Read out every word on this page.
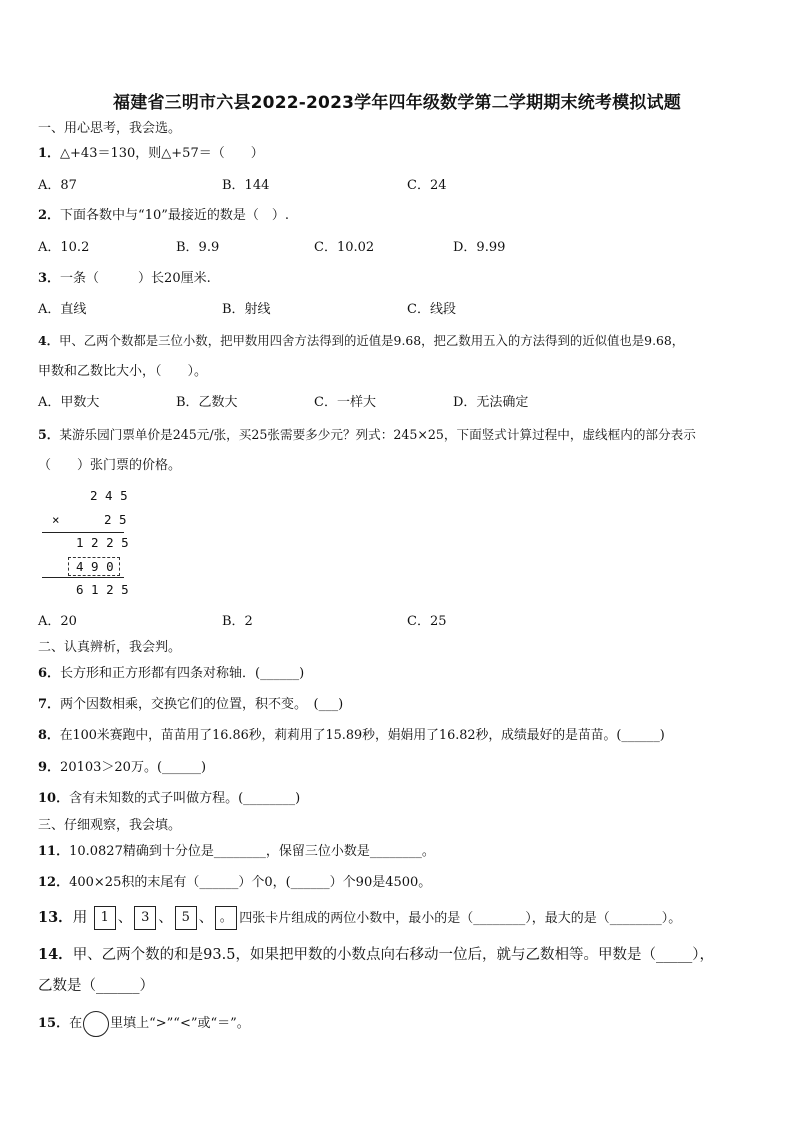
福建省三明市六县2022-2023学年四年级数学第二学期期末统考模拟试题
一、用心思考，我会选。
1．△+43＝130，则△+57＝（　　）
A．87	B．144	C．24
2．下面各数中与“10”最接近的数是（　）.
A．10.2	B．9.9	C．10.02	D．9.99
3．一条（　　　）长20厘米.
A．直线	B．射线	C．线段
4．甲、乙两个数都是三位小数，把甲数用四舍方法得到的近值是9.68，把乙数用五入的方法得到的近似值也是9.68，
甲数和乙数比大小，（　　）。
A．甲数大	B．乙数大	C．一样大	D．无法确定
5．某游乐园门票单价是245元/张，买25张需要多少元？列式：245×25，下面竖式计算过程中，虚线框内的部分表示
（　　）张门票的价格。
2 4 5
×	2 5
1 2 2 5
4 9 0
6 1 2 5
A．20	B．2	C．25
二、认真辨析，我会判。
6．长方形和正方形都有四条对称轴．(______)
7．两个因数相乘，交换它们的位置，积不变。　(___)
8．在100米赛跑中，苗苗用了16.86秒，莉莉用了15.89秒，娟娟用了16.82秒，成绩最好的是苗苗。(______)
9．20103＞20万。(______)
10．含有未知数的式子叫做方程。(________)
三、仔细观察，我会填。
11．10.0827精确到十分位是________，保留三位小数是________。
12．400×25积的末尾有（______）个0，(______）个90是4500。
13．用 1 、 3 、 5 、 。 四张卡片组成的两位小数中，最小的是（________），最大的是（________）。
14．甲、乙两个数的和是93.5，如果把甲数的小数点向右移动一位后，就与乙数相等。甲数是（_____），
乙数是（______）
15．在 里填上“>”“<”或“＝”。
